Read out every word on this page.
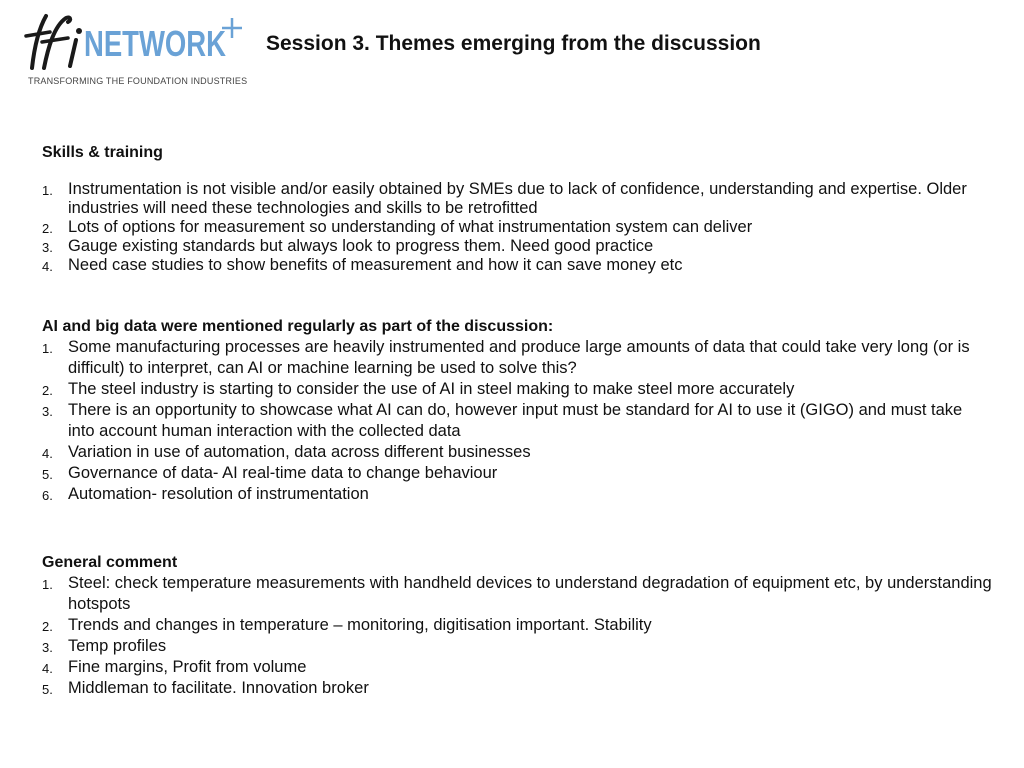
NETWORK
TRANSFORMING THE FOUNDATION INDUSTRIES
Session 3. Themes emerging from the discussion

Skills & training

1. Instrumentation is not visible and/or easily obtained by SMEs due to lack of confidence, understanding and expertise. Older industries will need these technologies and skills to be retrofitted
2. Lots of options for measurement so understanding of what instrumentation system can deliver
3. Gauge existing standards but always look to progress them. Need good practice
4. Need case studies to show benefits of measurement and how it can save money etc

AI and big data were mentioned regularly as part of the discussion:

1. Some manufacturing processes are heavily instrumented and produce large amounts of data that could take very long (or is difficult) to interpret, can AI or machine learning be used to solve this?
2. The steel industry is starting to consider the use of AI in steel making to make steel more accurately
3. There is an opportunity to showcase what AI can do, however input must be standard for AI to use it (GIGO) and must take into account human interaction with the collected data
4. Variation in use of automation, data across different businesses
5. Governance of data- AI real-time data to change behaviour
6. Automation- resolution of instrumentation

General comment

1. Steel: check temperature measurements with handheld devices to understand degradation of equipment etc, by understanding hotspots
2. Trends and changes in temperature – monitoring, digitisation important. Stability
3. Temp profiles
4. Fine margins, Profit from volume
5. Middleman to facilitate. Innovation broker
